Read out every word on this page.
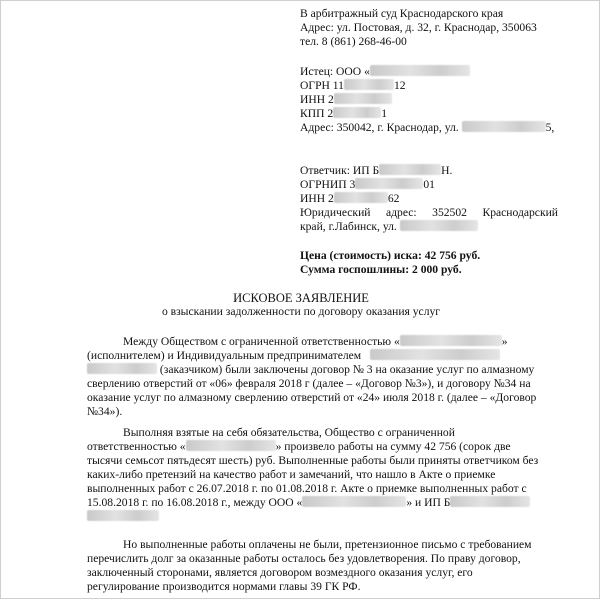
В арбитражный суд Краснодарского края
Адрес: ул. Постовая, д. 32, г. Краснодар, 350063
тел. 8 (861) 268-46-00
Истец: ООО «
ОГРН 11	12
ИНН 2
КПП 2	1
Адрес: 350042, г. Краснодар, ул.	5,
Ответчик: ИП Б	Н.
ОГРНИП 3	01
ИНН 2	62
Юридический адрес: 352502 Краснодарский
край, г.Лабинск, ул.
Цена (стоимость) иска: 42 756 руб.
Сумма госпошлины: 2 000 руб.
ИСКОВОЕ ЗАЯВЛЕНИЕ
о взыскании задолженности по договору оказания услуг
Между Обществом с ограниченной ответственностью «	»
(исполнителем) и Индивидуальным предпринимателем
(заказчиком) были заключены договор № 3 на оказание услуг по алмазному
сверлению отверстий от «06» февраля 2018 г (далее – «Договор №3»), и договору №34 на
оказание услуг по алмазному сверлению отверстий от «24» июля 2018 г. (далее – «Договор
№34»).
Выполняя взятые на себя обязательства, Общество с ограниченной
ответственностью «	» произвело работы на сумму 42 756 (сорок две
тысячи семьсот пятьдесят шесть) руб. Выполненные работы были приняты ответчиком без
каких-либо претензий на качество работ и замечаний, что нашло в Акте о приемке
выполненных работ с 26.07.2018 г. по 01.08.2018 г. Акте о приемке выполненных работ с
15.08.2018 г. по 16.08.2018 г., между ООО «	» и ИП Б
Но выполненные работы оплачены не были, претензионное письмо с требованием
перечислить долг за оказанные работы осталось без удовлетворения. По праву договор,
заключенный сторонами, является договором возмездного оказания услуг, его
регулирование производится нормами главы 39 ГК РФ.
